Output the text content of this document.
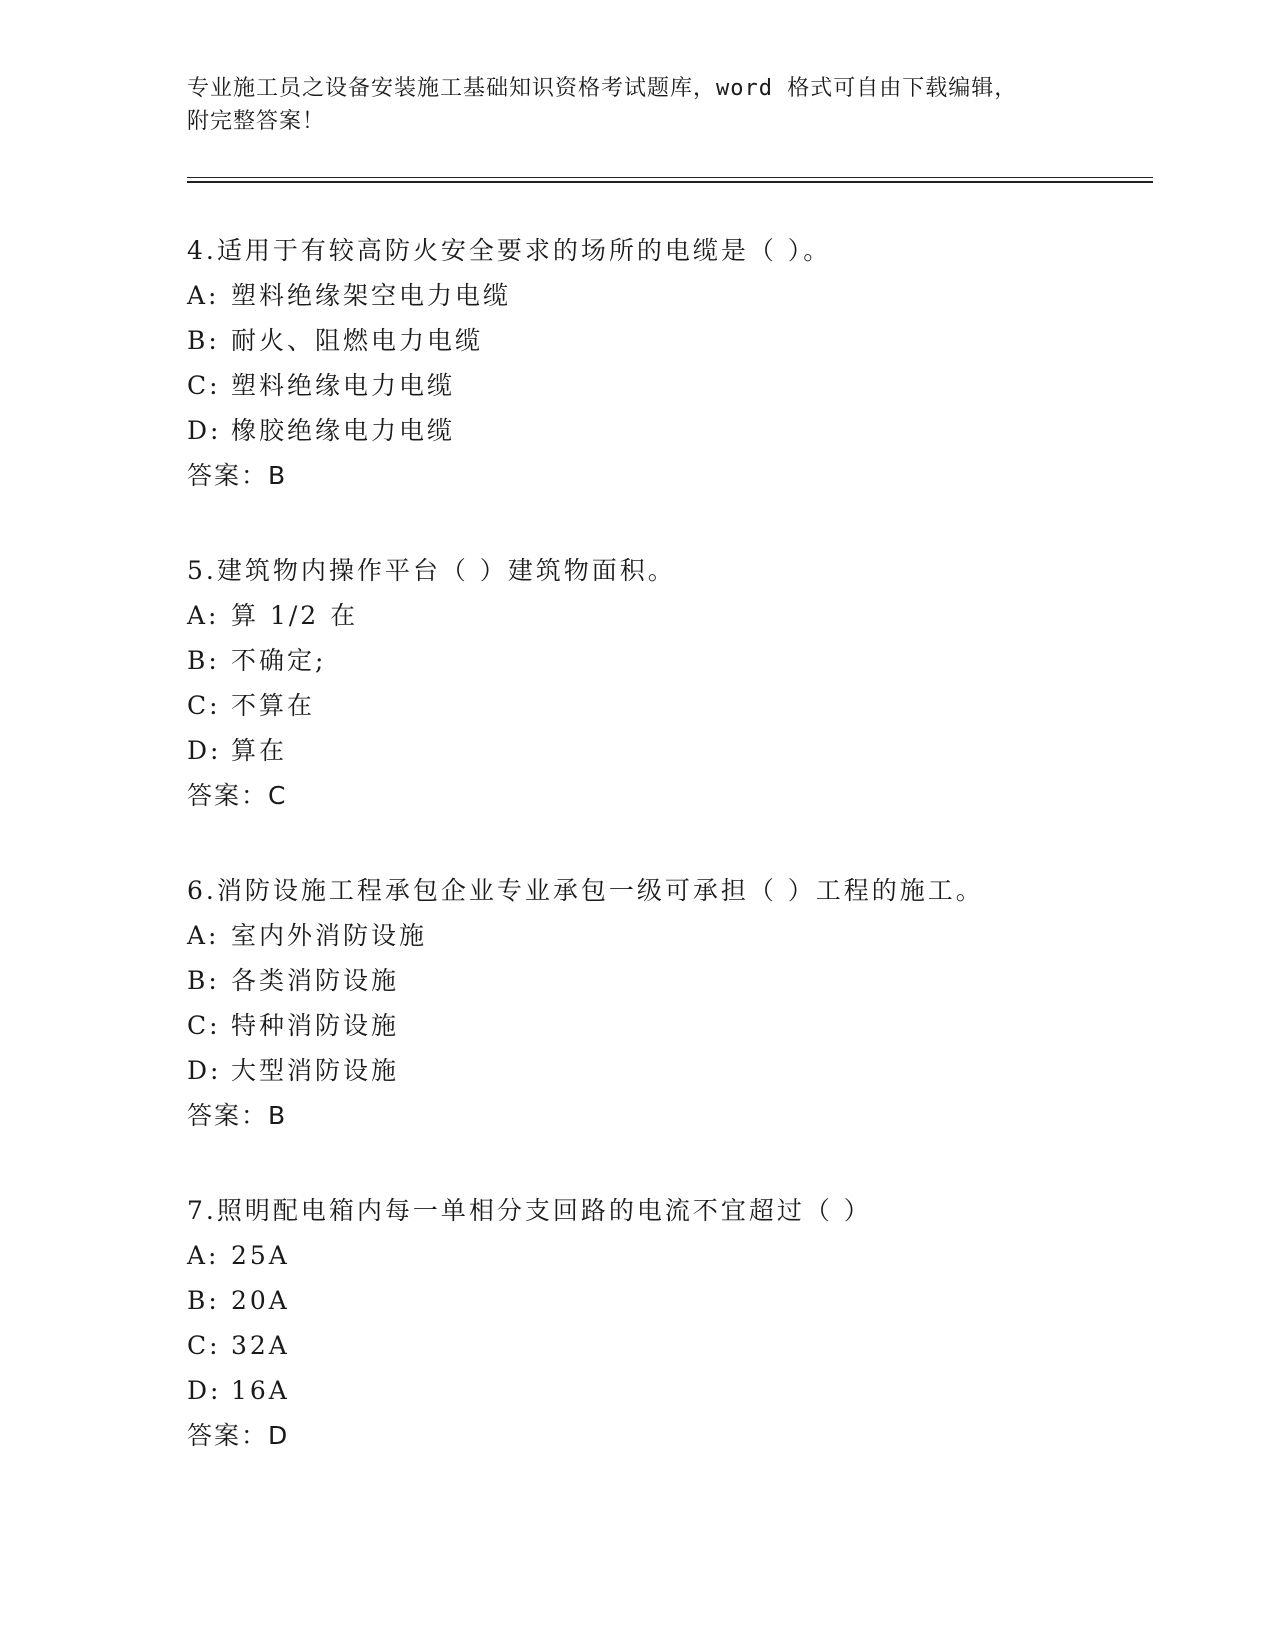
专业施工员之设备安装施工基础知识资格考试题库，word 格式可自由下载编辑，
附完整答案！
4.适用于有较高防火安全要求的场所的电缆是（ ）。
A: 塑料绝缘架空电力电缆
B: 耐火、阻燃电力电缆
C: 塑料绝缘电力电缆
D: 橡胶绝缘电力电缆
答案：B
5.建筑物内操作平台（ ）建筑物面积。
A: 算 1/2 在
B: 不确定;
C: 不算在
D: 算在
答案：C
6.消防设施工程承包企业专业承包一级可承担（ ）工程的施工。
A: 室内外消防设施
B: 各类消防设施
C: 特种消防设施
D: 大型消防设施
答案：B
7.照明配电箱内每一单相分支回路的电流不宜超过（ ）
A: 25A
B: 20A
C: 32A
D: 16A
答案：D
